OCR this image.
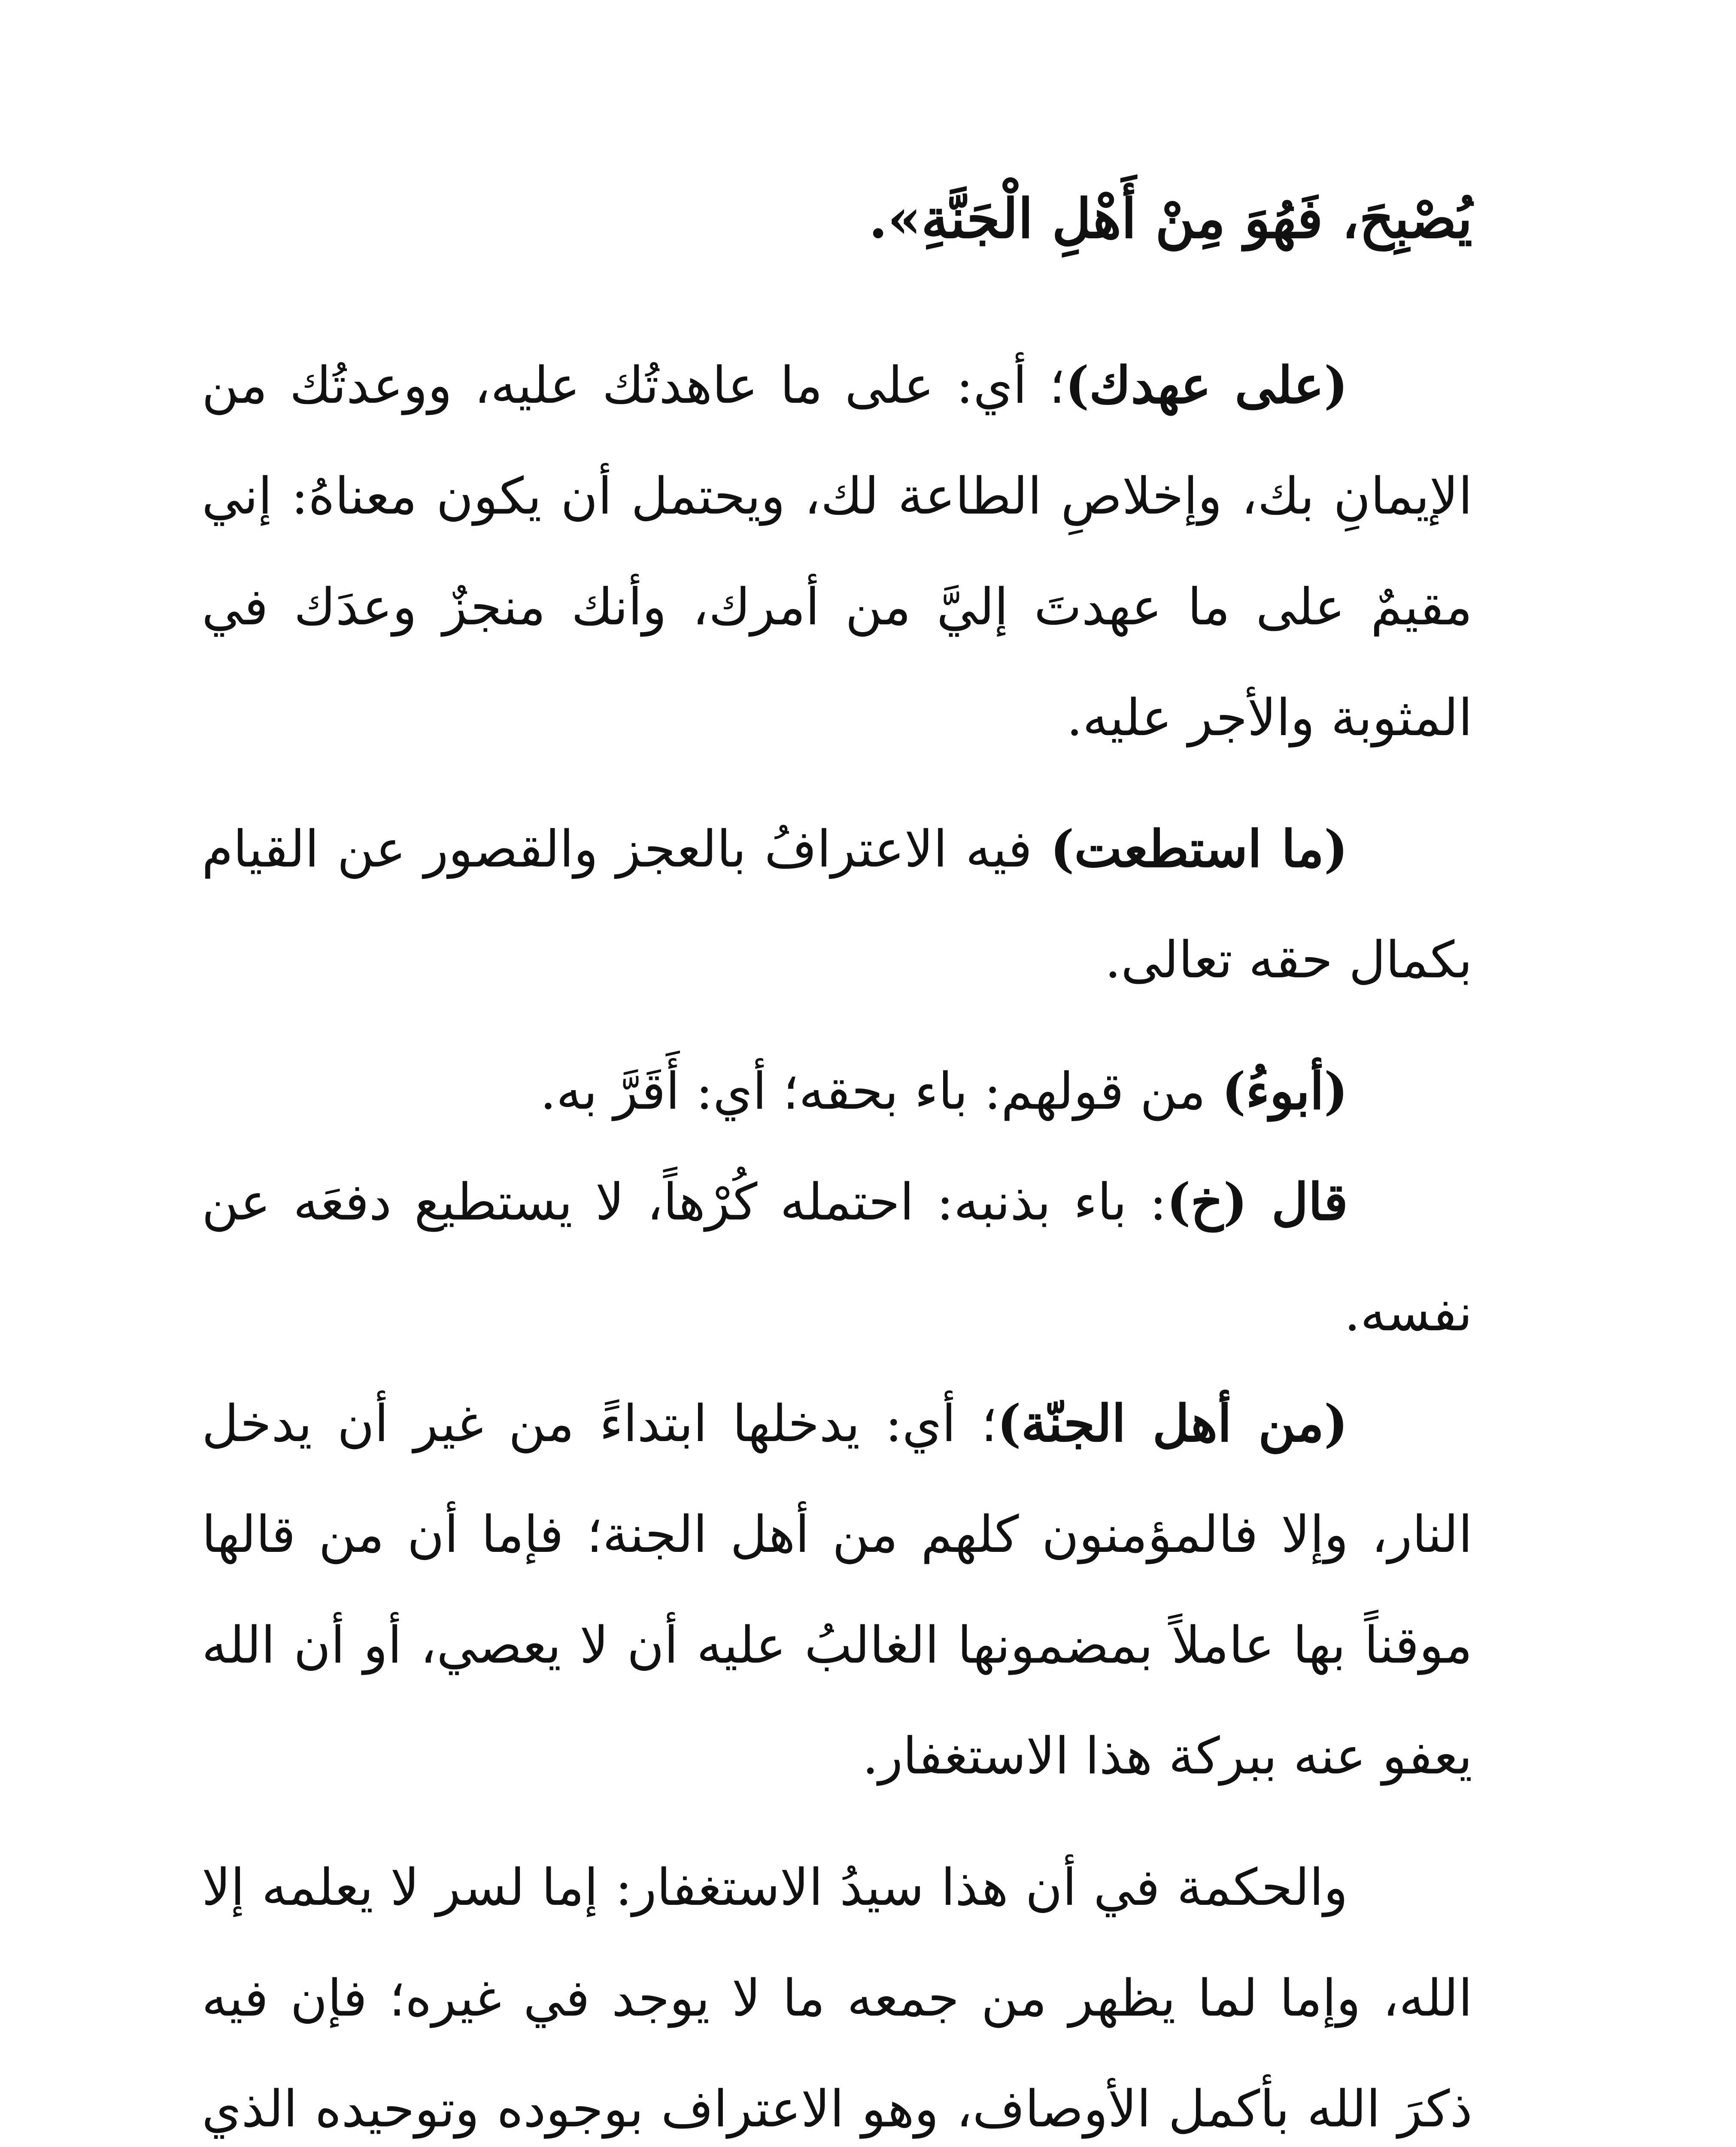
يُصْبِحَ، فَهُوَ مِنْ أَهْلِ الْجَنَّةِ».

(على عهدك)؛ أي: على ما عاهدتُك عليه، ووعدتُك من الإيمانِ بك، وإخلاصِ الطاعة لك، ويحتمل أن يكون معناهُ: إني مقيمٌ على ما عهدتَ إليَّ من أمرك، وأنك منجزٌ وعدَك في المثوبة والأجر عليه.

(ما استطعت) فيه الاعترافُ بالعجز والقصور عن القيام بكمال حقه تعالى.

(أبوءُ) من قولهم: باء بحقه؛ أي: أَقَرَّ به.

قال (خ): باء بذنبه: احتمله كُرْهاً، لا يستطيع دفعَه عن نفسه.

(من أهل الجنّة)؛ أي: يدخلها ابتداءً من غير أن يدخل النار، وإلا فالمؤمنون كلهم من أهل الجنة؛ فإما أن من قالها موقناً بها عاملاً بمضمونها الغالبُ عليه أن لا يعصي، أو أن الله يعفو عنه ببركة هذا الاستغفار.

والحكمة في أن هذا سيدُ الاستغفار: إما لسر لا يعلمه إلا الله، وإما لما يظهر من جمعه ما لا يوجد في غيره؛ فإن فيه ذكرَ الله بأكمل الأوصاف، وهو الاعتراف بوجوده وتوحيده الذي
